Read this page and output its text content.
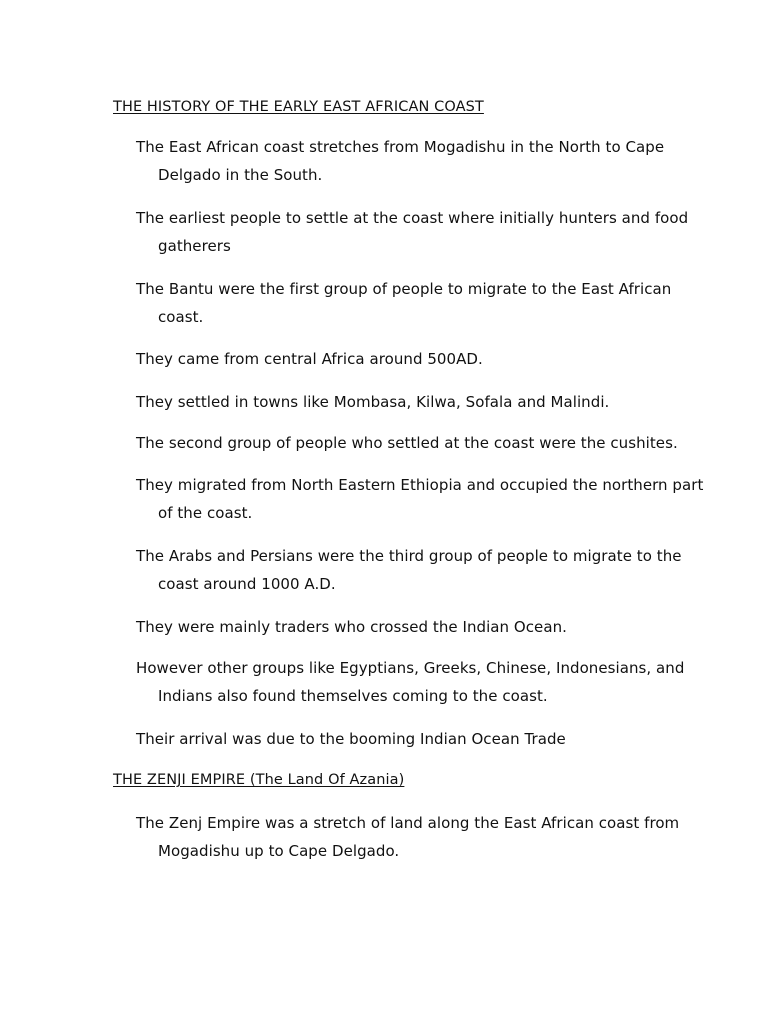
THE HISTORY OF THE EARLY EAST AFRICAN COAST
The East African coast stretches from Mogadishu in the North to Cape
Delgado in the South.
The earliest people to settle at the coast where initially hunters and food
gatherers
The Bantu were the first group of people to migrate to the East African
coast.
They came from central Africa around 500AD.
They settled in towns like Mombasa, Kilwa, Sofala and Malindi.
The second group of people who settled at the coast were the cushites.
They migrated from North Eastern Ethiopia and occupied the northern part
of the coast.
The Arabs and Persians were the third group of people to migrate to the
coast around 1000 A.D.
They were mainly traders who crossed the Indian Ocean.
However other groups like Egyptians, Greeks, Chinese, Indonesians, and
Indians also found themselves coming to the coast.
Their arrival was due to the booming Indian Ocean Trade
THE ZENJI EMPIRE (The Land Of Azania)
The Zenj Empire was a stretch of land along the East African coast from
Mogadishu up to Cape Delgado.
